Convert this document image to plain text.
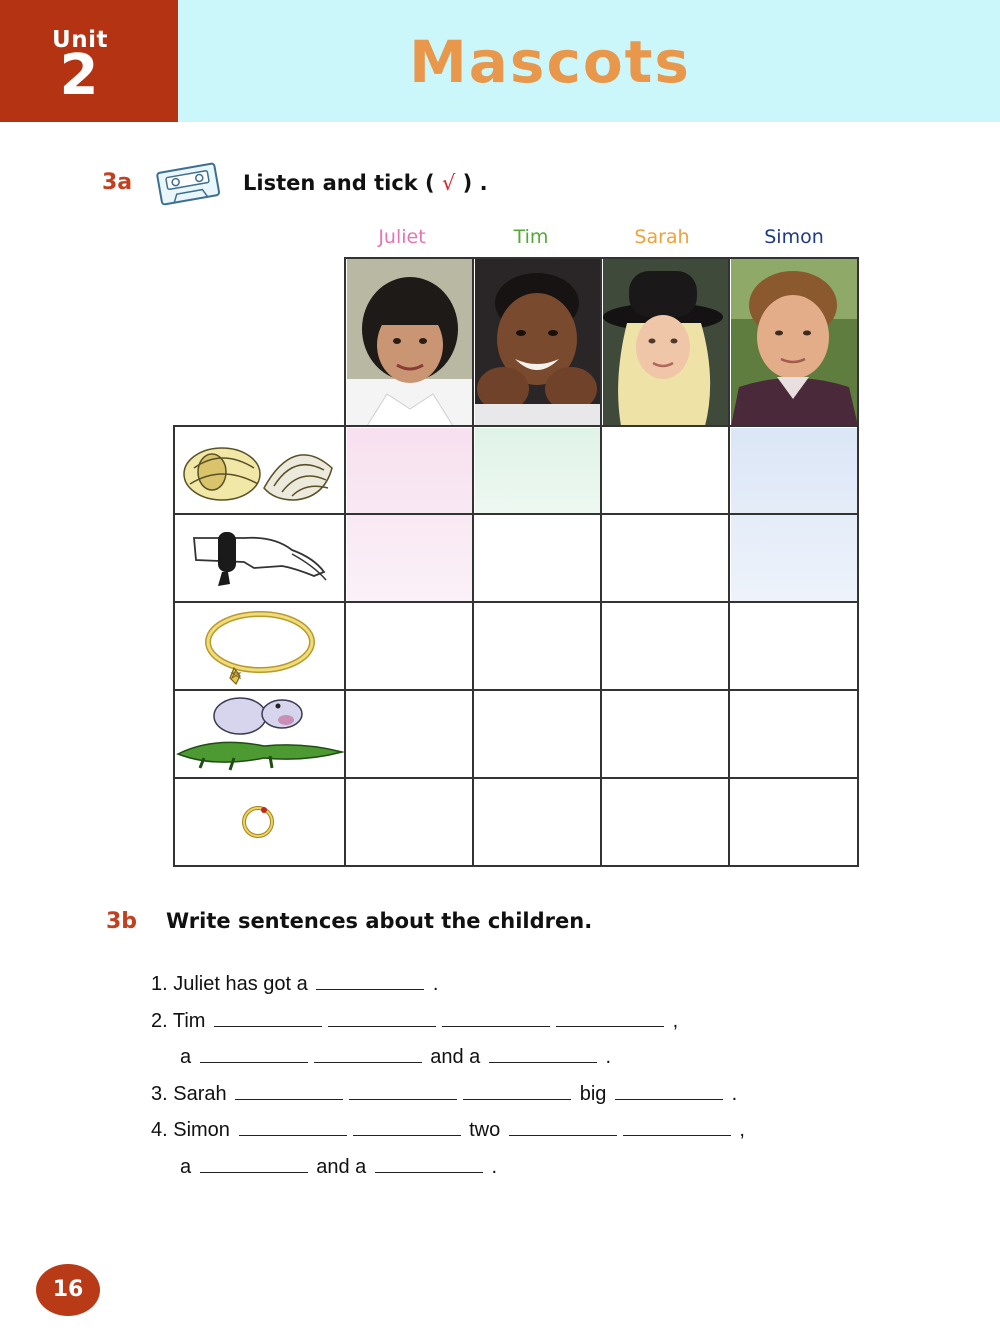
Unit
2	Mascots
3a	Listen and tick ( √ ) .
Juliet	Tim	Sarah	Simon
3b Write sentences about the children.
1. Juliet has got a	.
2. Tim	,
a	and a	.
3. Sarah	big	.
4. Simon	two	,
a	and a	.
16
